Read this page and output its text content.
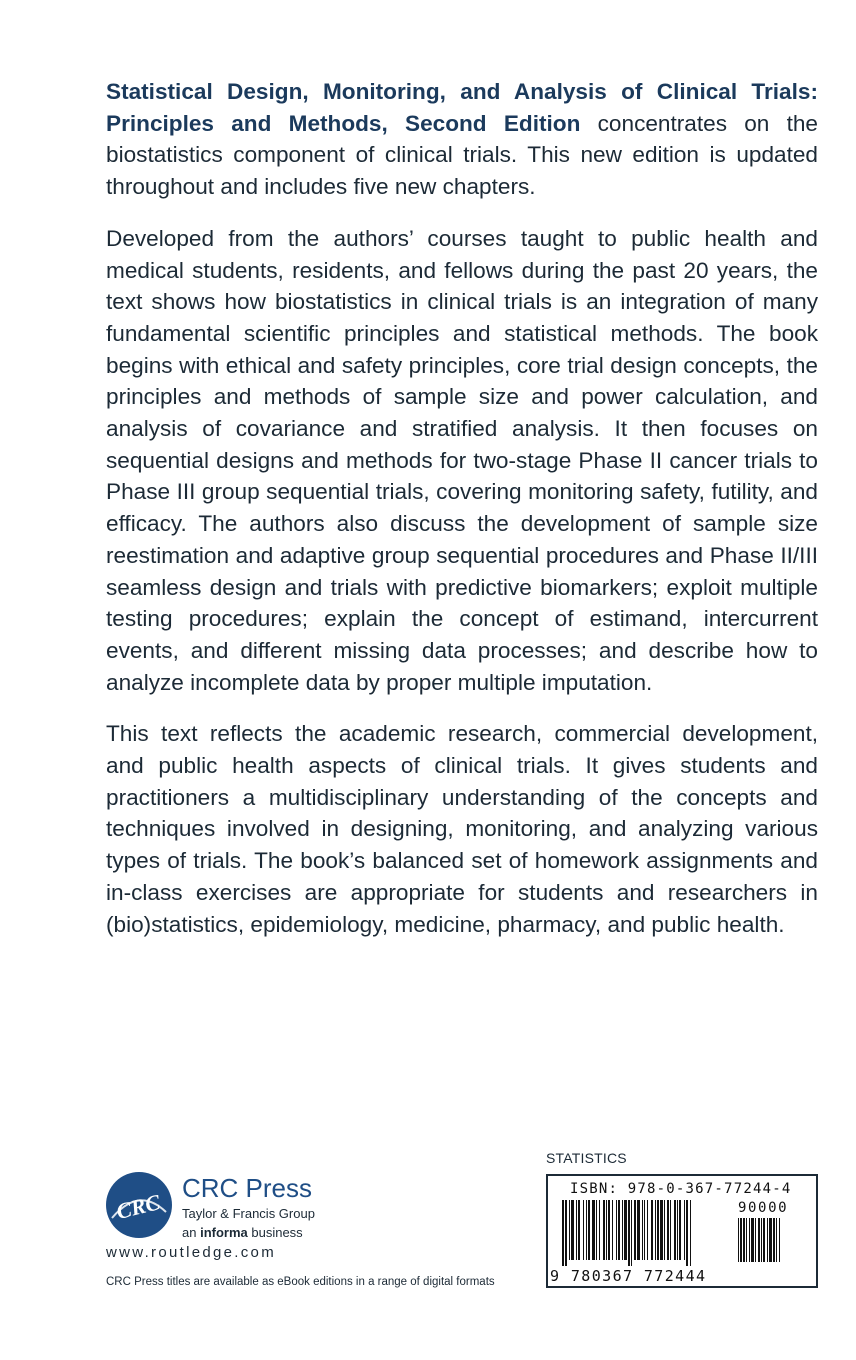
Statistical Design, Monitoring, and Analysis of Clinical Trials: Principles and Methods, Second Edition concentrates on the biostatistics component of clinical trials. This new edition is updated throughout and includes five new chapters.

Developed from the authors’ courses taught to public health and medical students, residents, and fellows during the past 20 years, the text shows how biostatistics in clinical trials is an integration of many fundamental scientific principles and statistical methods. The book begins with ethical and safety principles, core trial design concepts, the principles and methods of sample size and power calculation, and analysis of covariance and stratified analysis. It then focuses on sequential designs and methods for two-stage Phase II cancer trials to Phase III group sequential trials, covering monitoring safety, futility, and efficacy. The authors also discuss the development of sample size reestimation and adaptive group sequential procedures and Phase II/III seamless design and trials with predictive biomarkers; exploit multiple testing procedures; explain the concept of estimand, intercurrent events, and different missing data processes; and describe how to analyze incomplete data by proper multiple imputation.

This text reflects the academic research, commercial development, and public health aspects of clinical trials. It gives students and practitioners a multidisciplinary understanding of the concepts and techniques involved in designing, monitoring, and analyzing various types of trials. The book’s balanced set of homework assignments and in-class exercises are appropriate for students and researchers in (bio)statistics, epidemiology, medicine, pharmacy, and public health.

CRC
CRC Press
Taylor & Francis Group
an informa business
www.routledge.com
CRC Press titles are available as eBook editions in a range of digital formats
STATISTICS
ISBN: 978-0-367-77244-4
90000
9 780367 772444
